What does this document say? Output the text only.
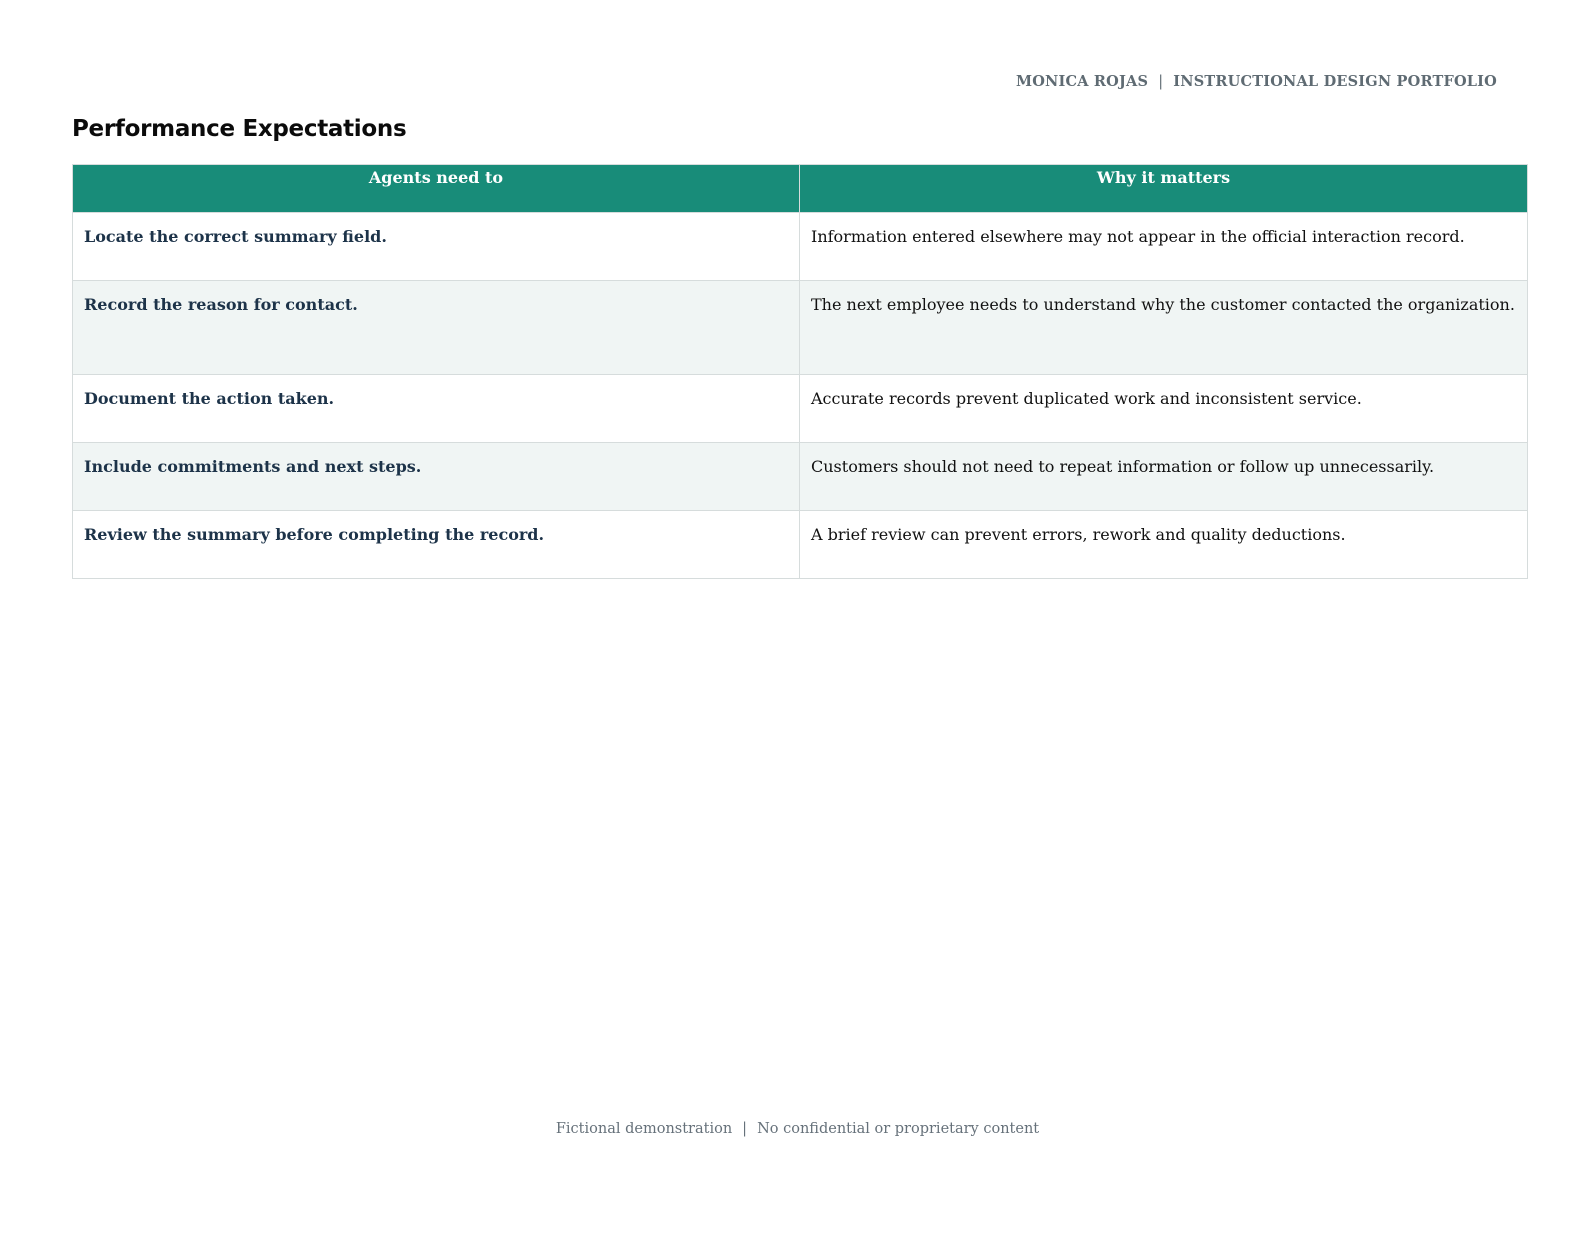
MONICA ROJAS | INSTRUCTIONAL DESIGN PORTFOLIO
Performance Expectations
Agents need to	Why it matters
Locate the correct summary field.	Information entered elsewhere may not appear in the official interaction record.
Record the reason for contact.	The next employee needs to understand why the customer contacted the organization.
Document the action taken.	Accurate records prevent duplicated work and inconsistent service.
Include commitments and next steps.	Customers should not need to repeat information or follow up unnecessarily.
Review the summary before completing the record.	A brief review can prevent errors, rework and quality deductions.
Fictional demonstration | No confidential or proprietary content
